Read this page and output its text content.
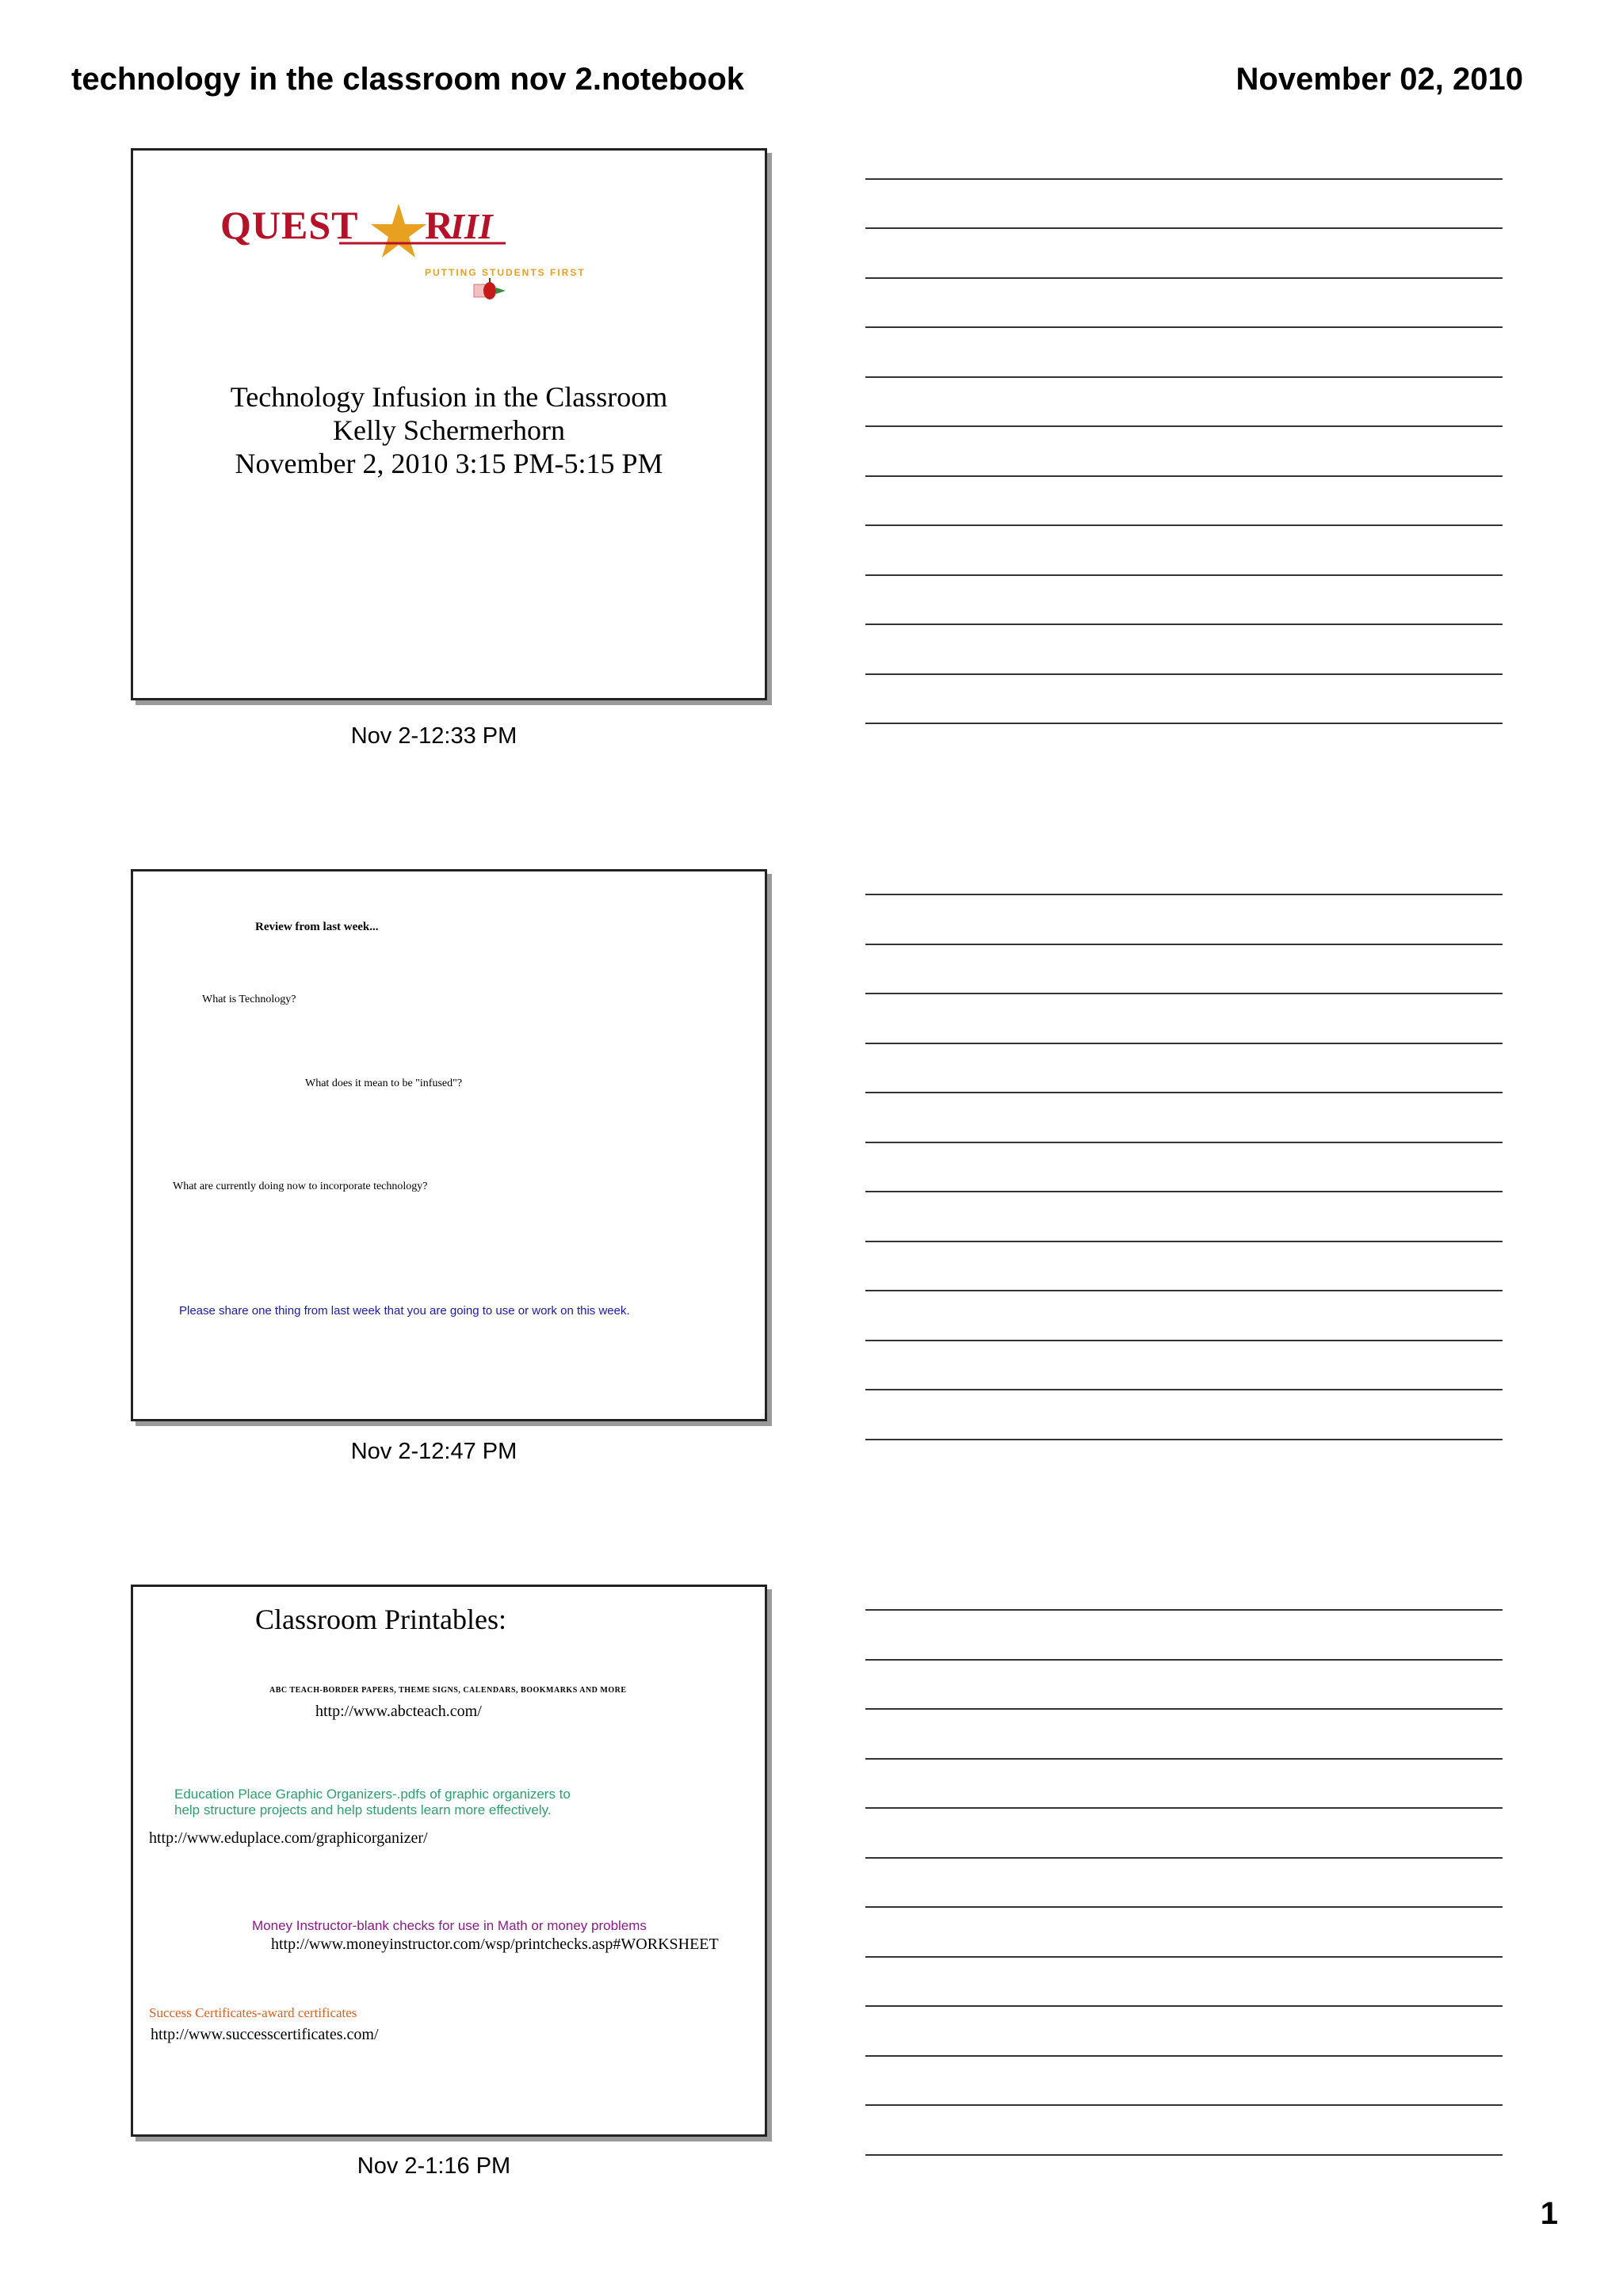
technology in the classroom nov 2.notebook	November 02, 2010
QUEST R
III
PUTTING STUDENTS FIRST
Technology Infusion in the Classroom
Kelly Schermerhorn
November 2, 2010 3:15 PM-5:15 PM
Nov 2-12:33 PM
Review from last week...
What is Technology?
What does it mean to be "infused"?
What are currently doing now to incorporate technology?
Please share one thing from last week that you are going to use or work on this week.
Nov 2-12:47 PM
Classroom Printables:
ABC TEACH-BORDER PAPERS, THEME SIGNS, CALENDARS, BOOKMARKS AND MORE
http://www.abcteach.com/
Education Place Graphic Organizers-.pdfs of graphic organizers to
help structure projects and help students learn more effectively.
http://www.eduplace.com/graphicorganizer/
Money Instructor-blank checks for use in Math or money problems
http://www.moneyinstructor.com/wsp/printchecks.asp#WORKSHEET
Success Certificates-award certificates
http://www.successcertificates.com/
Nov 2-1:16 PM
1
